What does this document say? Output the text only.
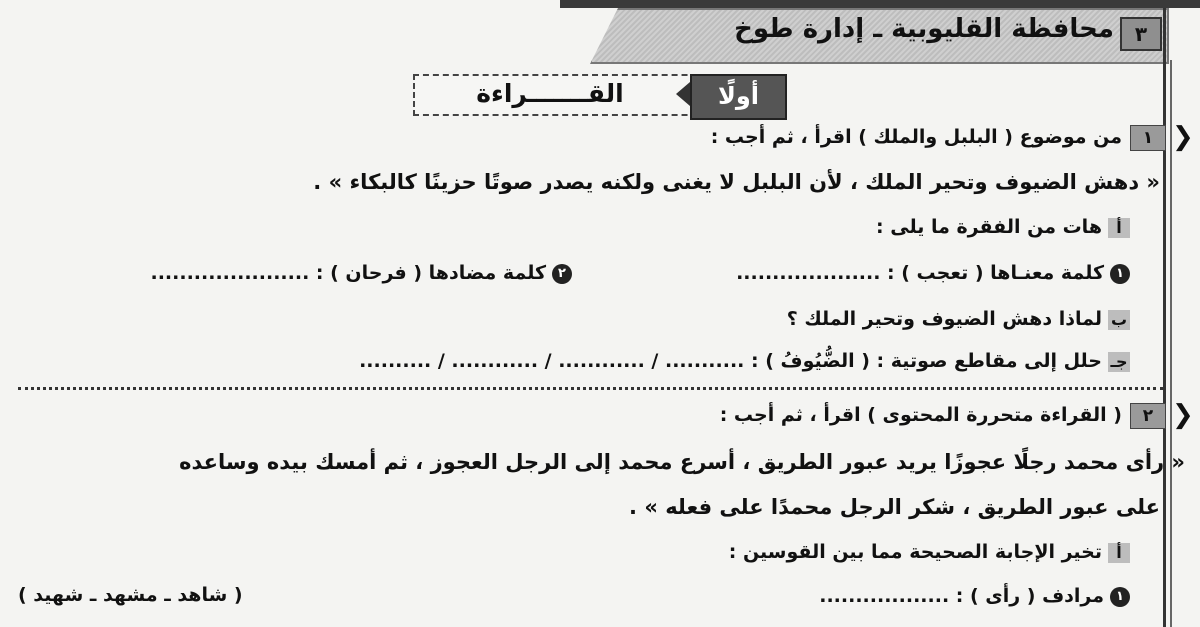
٣
محافظة القليوبية ـ إدارة طوخ
القـــــــراءة	أولًا
❯
١
من موضوع ( البلبل والملك ) اقرأ ، ثم أجب :
« دهش الضيوف وتحير الملك ، لأن البلبل لا يغنى ولكنه يصدر صوتًا حزينًا كالبكاء » .
أهات من الفقرة ما يلى :
١كلمة معنـاها ( تعجب ) : ....................
٢كلمة مضادها ( فرحان ) : ......................
بلماذا دهش الضيوف وتحير الملك ؟
جـحلل إلى مقاطع صوتية : ( الضُّيُوفُ ) : ........... / ............ / ............ / ..........
❯
٢
( القراءة متحررة المحتوى ) اقرأ ، ثم أجب :
« رأى محمد رجلًا عجوزًا يريد عبور الطريق ، أسرع محمد إلى الرجل العجوز ، ثم أمسك بيده وساعده
على عبور الطريق ، شكر الرجل محمدًا على فعله » .
أتخير الإجابة الصحيحة مما بين القوسين :
١مرادف ( رأى ) : ..................
( شاهد ـ مشهد ـ شهيد )
